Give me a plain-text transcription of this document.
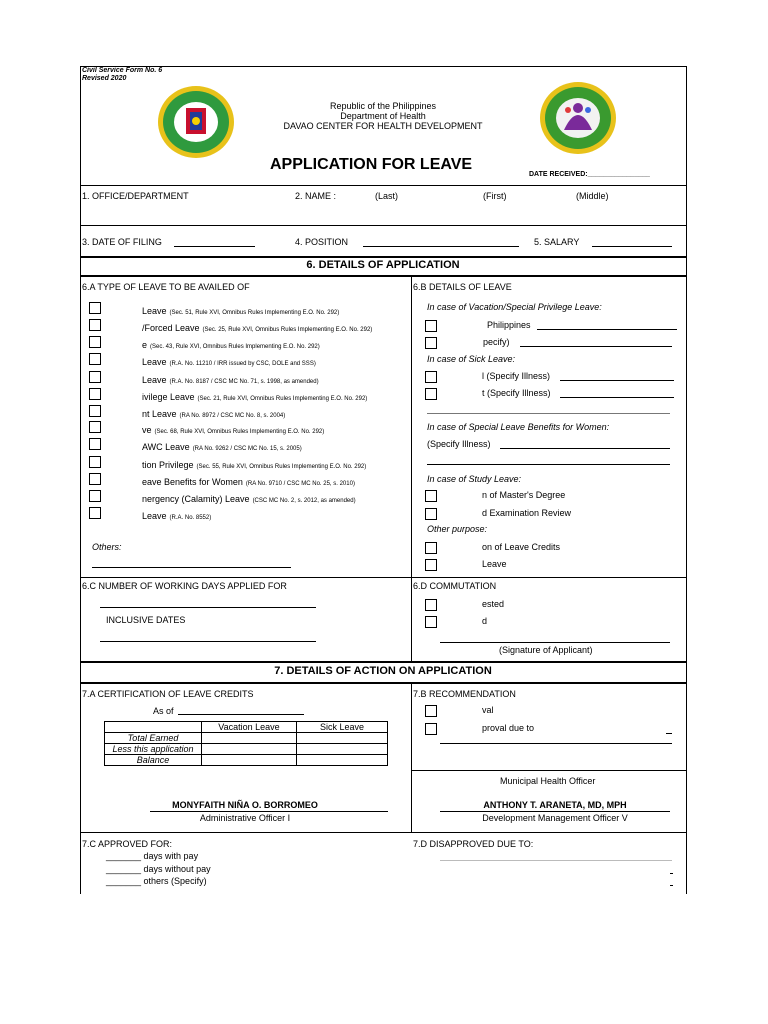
Civil Service Form No. 6
Revised 2020
Republic of the Philippines
Department of Health
DAVAO CENTER FOR HEALTH DEVELOPMENT
APPLICATION FOR LEAVE
DATE RECEIVED:________________
1. OFFICE/DEPARTMENT	2. NAME :	(Last)	(First)	(Middle)
3. DATE OF FILING	4. POSITION	5. SALARY
6. DETAILS OF APPLICATION
6.A TYPE OF LEAVE TO BE AVAILED OF	6.B DETAILS OF LEAVE
Leave (Sec. 51, Rule XVI, Omnibus Rules Implementing E.O. No. 292)
/Forced Leave (Sec. 25, Rule XVI, Omnibus Rules Implementing E.O. No. 292)
e (Sec. 43, Rule XVI, Omnibus Rules Implementing E.O. No. 292)
Leave (R.A. No. 11210 / IRR issued by CSC, DOLE and SSS)
Leave (R.A. No. 8187 / CSC MC No. 71, s. 1998, as amended)
ivilege Leave (Sec. 21, Rule XVI, Omnibus Rules Implementing E.O. No. 292)
nt Leave (RA No. 8972 / CSC MC No. 8, s. 2004)
ve (Sec. 68, Rule XVI, Omnibus Rules Implementing E.O. No. 292)
AWC Leave (RA No. 9262 / CSC MC No. 15, s. 2005)
tion Privilege (Sec. 55, Rule XVI, Omnibus Rules Implementing E.O. No. 292)
eave Benefits for Women (RA No. 9710 / CSC MC No. 25, s. 2010)
nergency (Calamity) Leave (CSC MC No. 2, s. 2012, as amended)
Leave (R.A. No. 8552)
Others:
In case of Vacation/Special Privilege Leave:
Philippines
pecify)
In case of Sick Leave:
l (Specify Illness)
t (Specify Illness)
In case of Special Leave Benefits for Women:
(Specify Illness)
In case of Study Leave:
n of Master's Degree
d Examination Review
Other purpose:
on of Leave Credits
Leave
6.C NUMBER OF WORKING DAYS APPLIED FOR
INCLUSIVE DATES
6.D COMMUTATION
ested
d
(Signature of Applicant)
7. DETAILS OF ACTION ON APPLICATION
7.A CERTIFICATION OF LEAVE CREDITS
As of
	Vacation Leave	Sick Leave
Total Earned		
Less this application		
Balance		
7.B RECOMMENDATION
val
proval due to
Municipal Health Officer
MONYFAITH NIÑA O. BORROMEO
Administrative Officer I
ANTHONY T. ARANETA, MD, MPH
Development Management Officer V
7.C APPROVED FOR:
_______ days with pay
_______ days without pay
_______ others (Specify)
7.D DISAPPROVED DUE TO:
